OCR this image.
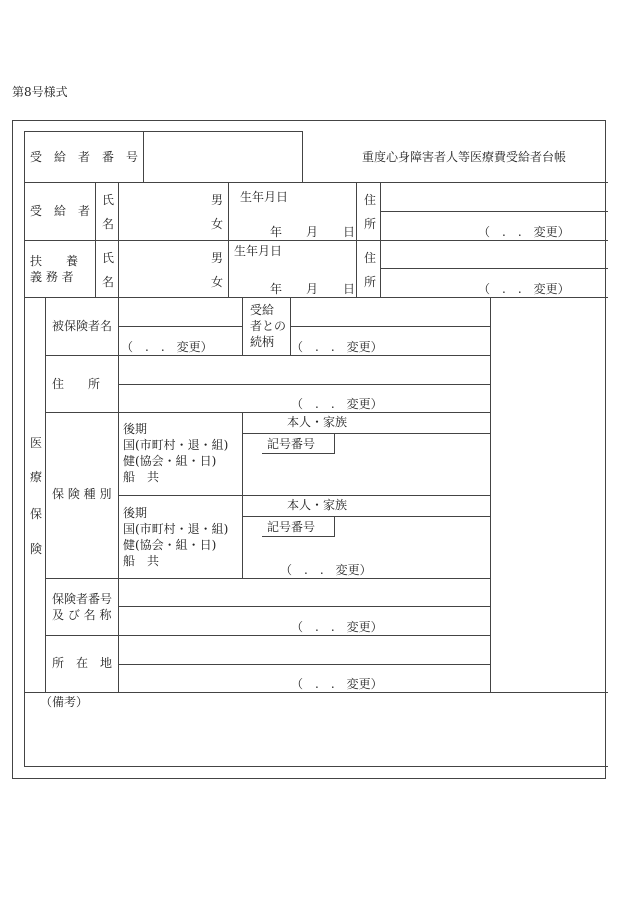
第8号様式
受　給　者　番　号	重度心身障害者人等医療費受給者台帳
受　給　者
氏
名
男
女
生年月日
年 月 日
住
所
（　.　.　変更）
扶　　養
義 務 者
氏
名
男
女
生年月日
年 月 日
住
所	（　.　.　変更）
医
療
保
険
被保険者名
（　.　.　変更）
受給
者との
続柄 （　.　.　変更）
住　　所
（　.　.　変更）
保 険 種 別
後期
国(市町村・退・組)
健(協会・組・日)
船　共
本人・家族
記号番号
後期
国(市町村・退・組)
健(協会・組・日)
船　共
本人・家族
記号番号
（　.　.　変更）
保険者番号
及 び 名 称
（　.　.　変更）
所　在　地
（　.　.　変更）
（備考）
